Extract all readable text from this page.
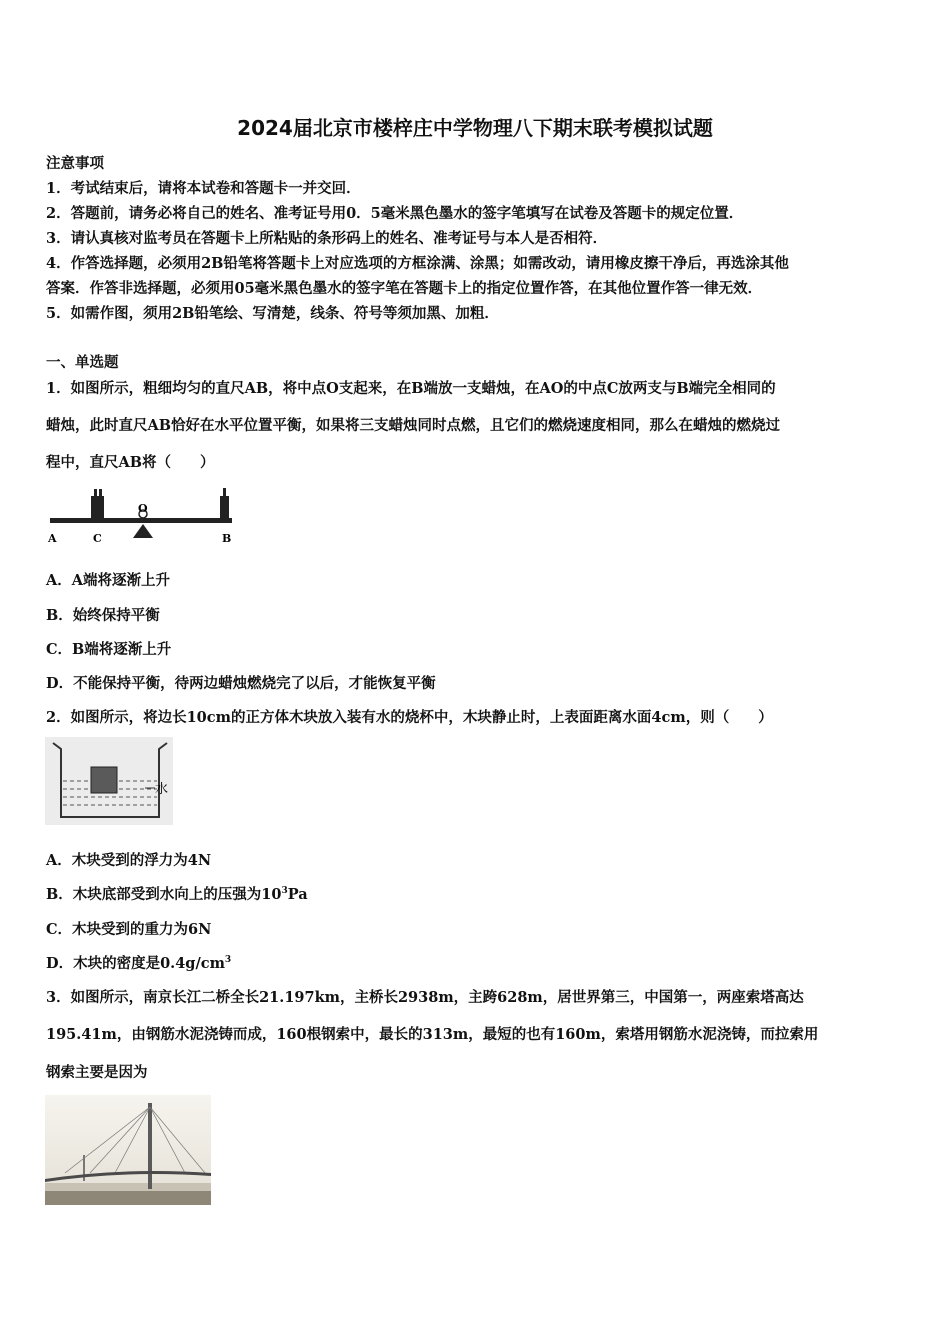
2024届北京市楼梓庄中学物理八下期末联考模拟试题
注意事项
1．考试结束后，请将本试卷和答题卡一并交回．
2．答题前，请务必将自己的姓名、准考证号用0．5毫米黑色墨水的签字笔填写在试卷及答题卡的规定位置．
3．请认真核对监考员在答题卡上所粘贴的条形码上的姓名、准考证号与本人是否相符．
4．作答选择题，必须用2B铅笔将答题卡上对应选项的方框涂满、涂黑；如需改动，请用橡皮擦干净后，再选涂其他
答案．作答非选择题，必须用05毫米黑色墨水的签字笔在答题卡上的指定位置作答，在其他位置作答一律无效．
5．如需作图，须用2B铅笔绘、写清楚，线条、符号等须加黑、加粗．
一、单选题
1．如图所示，粗细均匀的直尺AB，将中点O支起来，在B端放一支蜡烛，在AO的中点C放两支与B端完全相同的
蜡烛，此时直尺AB恰好在水平位置平衡，如果将三支蜡烛同时点燃，且它们的燃烧速度相同，那么在蜡烛的燃烧过
程中，直尺AB将（　　）
A	C
O
B
A．A端将逐渐上升
B．始终保持平衡
C．B端将逐渐上升
D．不能保持平衡，待两边蜡烛燃烧完了以后，才能恢复平衡
2．如图所示，将边长10cm的正方体木块放入装有水的烧杯中，木块静止时，上表面距离水面4cm，则（　　）
水
A．木块受到的浮力为4N
B．木块底部受到水向上的压强为$10^3Pa$
C．木块受到的重力为6N
D．木块的密度是$0.4g/cm^3$
3．如图所示，南京长江二桥全长21.197km，主桥长2938m，主跨628m，居世界第三，中国第一，两座索塔高达
195.41m，由钢筋水泥浇铸而成，160根钢索中，最长的313m，最短的也有160m，索塔用钢筋水泥浇铸，而拉索用
钢索主要是因为
